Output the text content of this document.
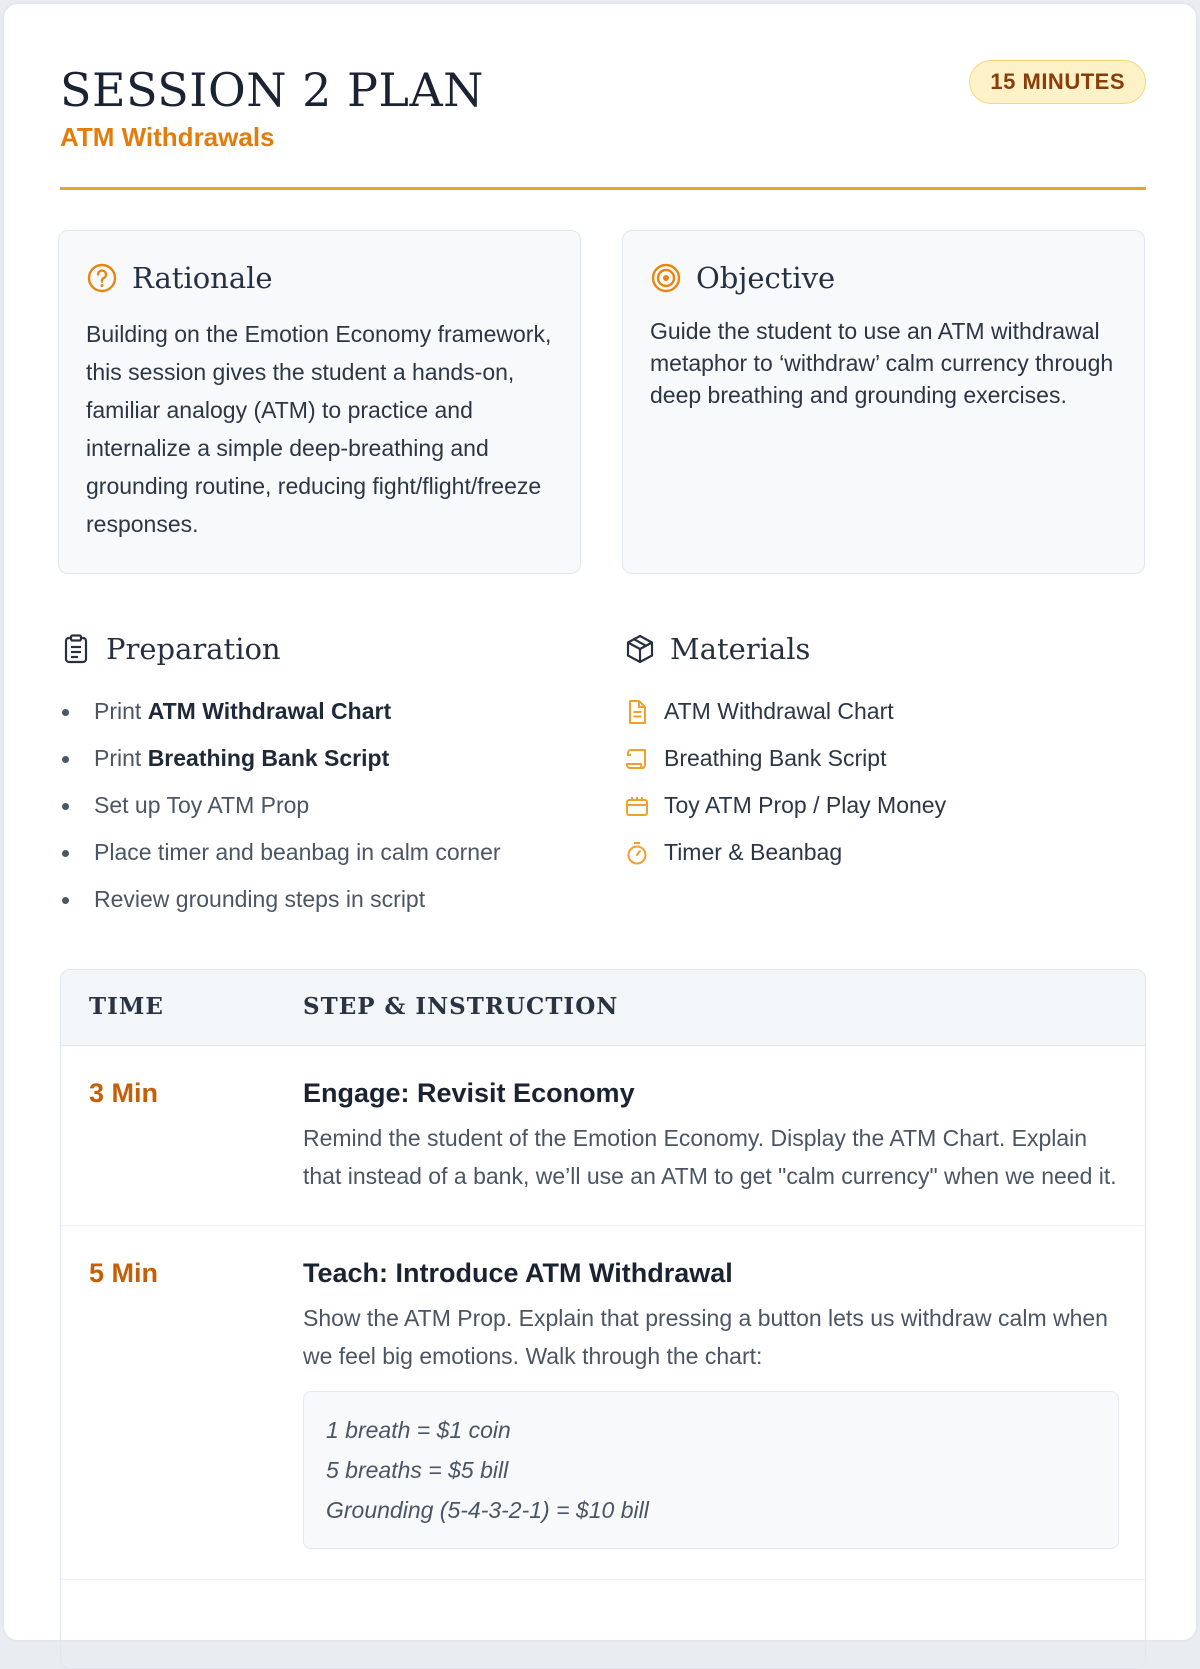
SESSION 2 PLAN
ATM Withdrawals
15 MINUTES
Rationale
Building on the Emotion Economy framework, this session gives the student a hands-on, familiar analogy (ATM) to practice and internalize a simple deep-breathing and grounding routine, reducing fight/flight/freeze responses.
Objective
Guide the student to use an ATM withdrawal metaphor to ‘withdraw’ calm currency through deep breathing and grounding exercises.
Preparation
Print ATM Withdrawal Chart
Print Breathing Bank Script
Set up Toy ATM Prop
Place timer and beanbag in calm corner
Review grounding steps in script
Materials
ATM Withdrawal Chart
Breathing Bank Script
Toy ATM Prop / Play Money
Timer & Beanbag
TIME	STEP & INSTRUCTION
3 Min	Engage: Revisit Economy
Remind the student of the Emotion Economy. Display the ATM Chart. Explain that instead of a bank, we’ll use an ATM to get "calm currency" when we need it.
5 Min	Teach: Introduce ATM Withdrawal
Show the ATM Prop. Explain that pressing a button lets us withdraw calm when we feel big emotions. Walk through the chart:
1 breath = $1 coin
5 breaths = $5 bill
Grounding (5-4-3-2-1) = $10 bill
